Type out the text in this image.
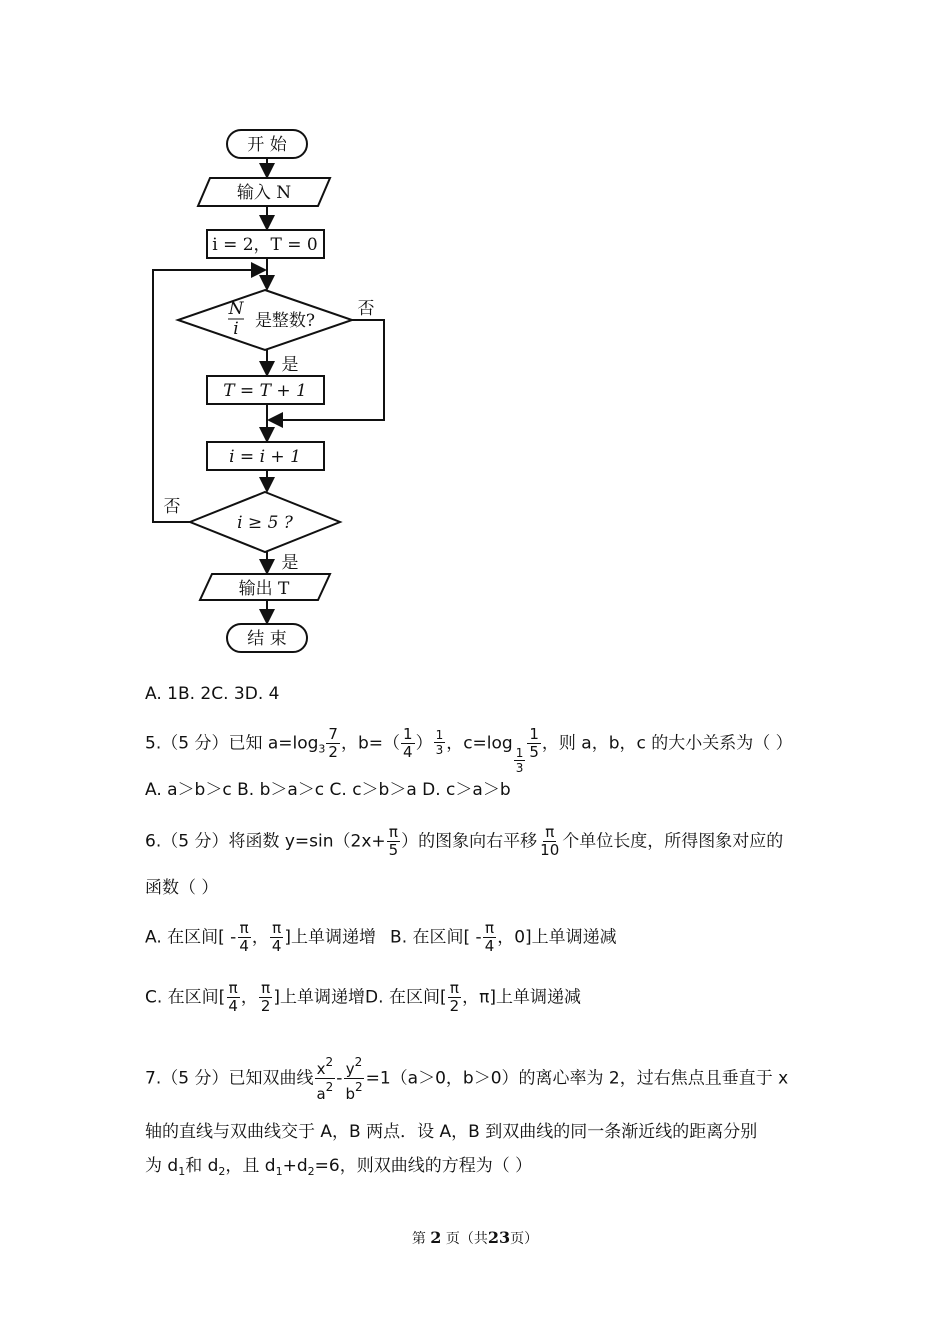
开 始
输入 N
i = 2，T = 0
N
i 是整数?
否
是
T = T + 1
i = i + 1
否
i ≥ 5 ?
是
输出 T
结 束
A. 1B. 2C. 3D. 4
5.（5 分）已知 $a=\log_3 \frac{7}{2}$ ，$b=( \frac{1}{4}$ ） $\frac{1}{3}$ ，c=log
$\frac{1}{3} \frac{1}{5}$ ，则 a，b，c 的大小关系为（ ）
A. a＞b＞c B. b＞a＞c C. c＞b＞a D. c＞a＞b
6.（5 分）将函数 $y=\sin(2x+ \frac{\pi}{5}$ ）的图象向右平移 $\frac{\pi}{10}$ 个单位长度，所得图象对应的
函数（ ）
A. 在区间[ - $\frac{\pi}{4}$ ， $\frac{\pi}{4}$ ]上单调递增 B. 在区间[ - $\frac{\pi}{4}$ ，0]上单调递减
C. 在区间[ $\frac{\pi}{4}$ ， $\frac{\pi}{2}$ ]上单调递增D. 在区间[ $\frac{\pi}{2}$ ，π]上单调递减
7.（5 分）已知双曲线 $\frac{x^2}{a^2} - \frac{y^2}{b^2} =1(a>0$，b＞0）的离心率为 2，过右焦点且垂直于 x
轴的直线与双曲线交于 A，B 两点．设 A，B 到双曲线的同一条渐近线的距离分别
为 $d_1$和 $d_2$，且 $d_1+d_2=6$，则双曲线的方程为（ ）
第 2 页（共23页）
